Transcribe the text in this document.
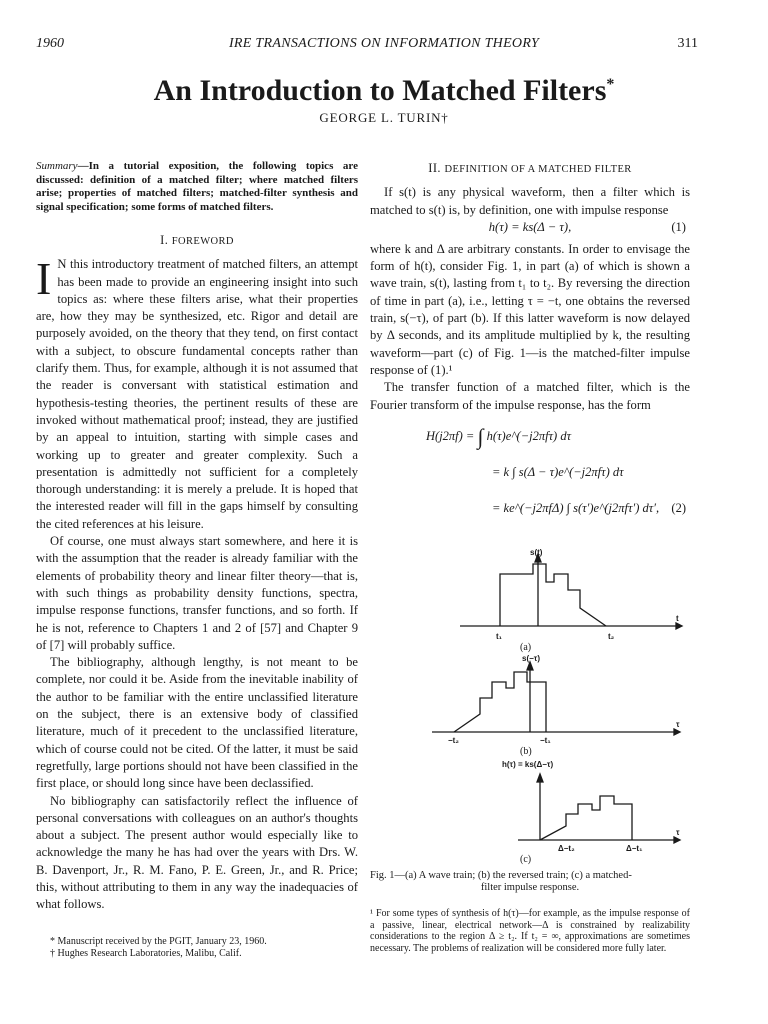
1960	IRE TRANSACTIONS ON INFORMATION THEORY	311
An Introduction to Matched Filters*
GEORGE L. TURIN†
Summary—In a tutorial exposition, the following topics are discussed: definition of a matched filter; where matched filters arise; properties of matched filters; matched-filter synthesis and signal specification; some forms of matched filters.
I. FOREWORD

I N this introductory treatment of matched filters, an attempt has been made to provide an engineering insight into such topics as: where these filters arise, what their properties are, how they may be synthesized, etc. Rigor and detail are purposely avoided, on the theory that they tend, on first contact with a subject, to obscure fundamental concepts rather than clarify them. Thus, for example, although it is not assumed that the reader is conversant with statistical estimation and hypothesis-testing theories, the pertinent results of these are invoked without mathematical proof; instead, they are justified by an appeal to intuition, starting with simple cases and working up to greater and greater complexity. Such a presentation is admittedly not sufficient for a completely thorough understanding: it is merely a prelude. It is hoped that the interested reader will fill in the gaps himself by consulting the cited references at his leisure.

Of course, one must always start somewhere, and here it is with the assumption that the reader is already familiar with the elements of probability theory and linear filter theory—that is, with such things as probability density functions, spectra, impulse response functions, transfer functions, and so forth. If he is not, reference to Chapters 1 and 2 of [57] and Chapter 9 of [7] will probably suffice.

The bibliography, although lengthy, is not meant to be complete, nor could it be. Aside from the inevitable inability of the author to be familiar with the entire unclassified literature on the subject, there is an extensive body of classified literature, much of it precedent to the unclassified literature, which of course could not be cited. Of the latter, it must be said regretfully, large portions should not have been classified in the first place, or should long since have been declassified.

No bibliography can satisfactorily reflect the influence of personal conversations with colleagues on an author's thoughts about a subject. The present author would especially like to acknowledge the many he has had over the years with Drs. W. B. Davenport, Jr., R. M. Fano, P. E. Green, Jr., and R. Price; this, without attributing to them in any way the inadequacies of what follows.

* Manuscript received by the PGIT, January 23, 1960.
† Hughes Research Laboratories, Malibu, Calif.
II. DEFINITION OF A MATCHED FILTER

If s(t) is any physical waveform, then a filter which is matched to s(t) is, by definition, one with impulse response

h(τ) = ks(Δ − τ),	(1)

where k and Δ are arbitrary constants. In order to envisage the form of h(t), consider Fig. 1, in part (a) of which is shown a wave train, s(t), lasting from t₁ to t₂. By reversing the direction of time in part (a), i.e., letting τ = −t, one obtains the reversed train, s(−τ), of part (b). If this latter waveform is now delayed by Δ seconds, and its amplitude multiplied by k, the resulting waveform—part (c) of Fig. 1—is the matched-filter impulse response of (1).¹

The transfer function of a matched filter, which is the Fourier transform of the impulse response, has the form

H(j2πf) = ∫ h(τ)e^(−j2πfτ) dτ
= k ∫ s(Δ − τ)e^(−j2πfτ) dτ
= ke^(−j2πfΔ) ∫ s(τ′)e^(j2πfτ′) dτ′, (2)
s(t)
t₁	t₂
t
(a)
s(−τ)
−t₂	−t₁
τ
(b)
h(τ) = ks(Δ−τ)
Δ−t₂	Δ−t₁
τ
(c)
Fig. 1—(a) A wave train; (b) the reversed train; (c) a matched-
filter impulse response.
¹ For some types of synthesis of h(τ)—for example, as the impulse response of a passive, linear, electrical network—Δ is constrained by realizability considerations to the region Δ ≥ t₂. If t₂ = ∞, approximations are sometimes necessary. The problems of realization will be considered more fully later.
